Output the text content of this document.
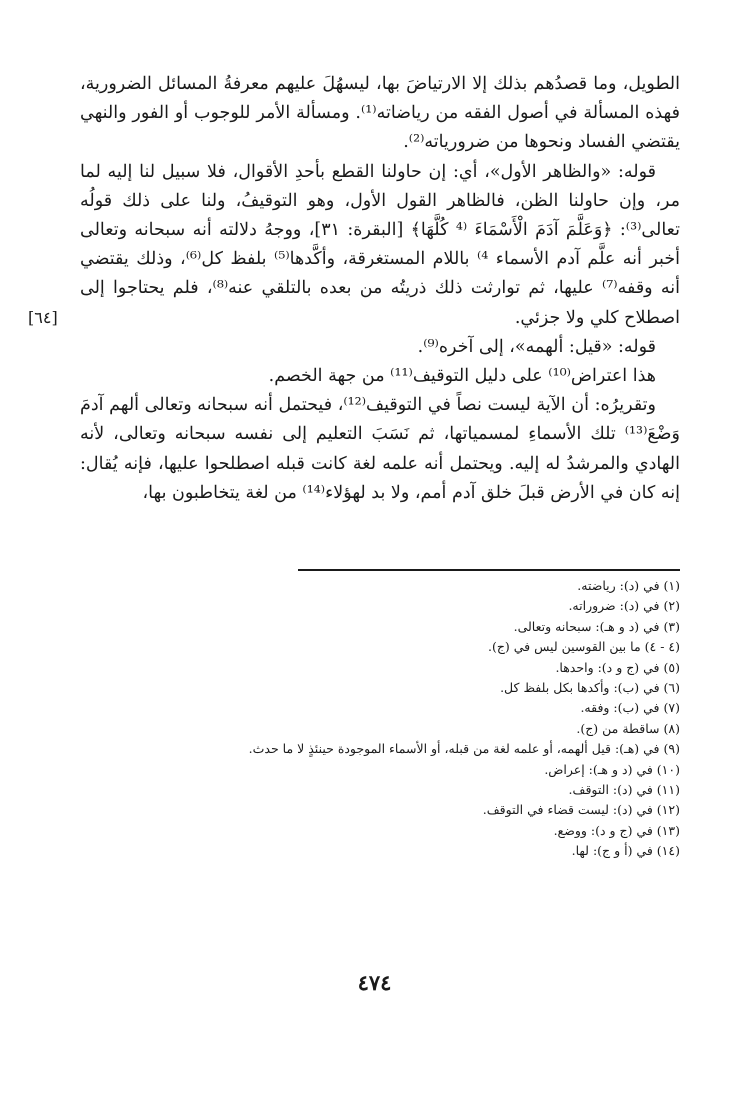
الطويل، وما قصدُهم بذلك إلا الارتياضَ بها، ليسهُلَ عليهم معرفةُ المسائل الضرورية، فهذه المسألة في أصول الفقه من رياضاته⁽¹⁾. ومسألة الأمر للوجوب أو الفور والنهي يقتضي الفساد ونحوها من ضرورياته⁽²⁾.

قوله: «والظاهر الأول»، أي: إن حاولنا القطع بأحدِ الأقوال، فلا سبيل لنا إليه لما مر، وإن حاولنا الظن، فالظاهر القول الأول، وهو التوقيفُ، ولنا على ذلك قولُه تعالى⁽³⁾: ﴿وَعَلَّمَ آدَمَ الْأَسْمَاءَ ⁽⁴ كُلَّهَا﴾ [البقرة: ٣١]، ووجهُ دلالته أنه سبحانه وتعالى أخبر أنه علَّم آدم الأسماء ⁴⁾ باللام المستغرقة، وأكَّدها⁽⁵⁾ بلفظ كل⁽⁶⁾، وذلك يقتضي أنه وقفه⁽⁷⁾ عليها، ثم توارثت ذلك ذريتُه من بعده بالتلقي عنه⁽⁸⁾، فلم يحتاجوا إلى اصطلاح كلي ولا جزئي.

قوله: «قيل: ألهمه»، إلى آخره⁽⁹⁾.

هذا اعتراض⁽¹⁰⁾ على دليل التوقيف⁽¹¹⁾ من جهة الخصم.

وتقريرُه: أن الآية ليست نصاً في التوقيف⁽¹²⁾، فيحتمل أنه سبحانه وتعالى ألهم آدمَ وَضْعَ⁽¹³⁾ تلك الأسماءِ لمسمياتها، ثم نَسَبَ التعليم إلى نفسه سبحانه وتعالى، لأنه الهادي والمرشدُ له إليه. ويحتمل أنه علمه لغة كانت قبله اصطلحوا عليها، فإنه يُقال: إنه كان في الأرض قبلَ خلق آدم أمم، ولا بد لهؤلاء⁽¹⁴⁾ من لغة يتخاطبون بها،

[٦٤]
(١) في (د): رياضته.
(٢) في (د): ضروراته.
(٣) في (د و هـ): سبحانه وتعالى.
(٤ - ٤) ما بين القوسين ليس في (ج).
(٥) في (ج و د): واحدها.
(٦) في (ب): وأكدها بكل بلفظ كل.
(٧) في (ب): وفقه.
(٨) ساقطة من (ج).
(٩) في (هـ): قيل ألهمه، أو علمه لغة من قبله، أو الأسماء الموجودة حينئذٍ لا ما حدث.
(١٠) في (د و هـ): إعراض.
(١١) في (د): التوقف.
(١٢) في (د): ليست قضاء في التوقف.
(١٣) في (ج و د): ووضع.
(١٤) في (أ و ج): لها.
٤٧٤
